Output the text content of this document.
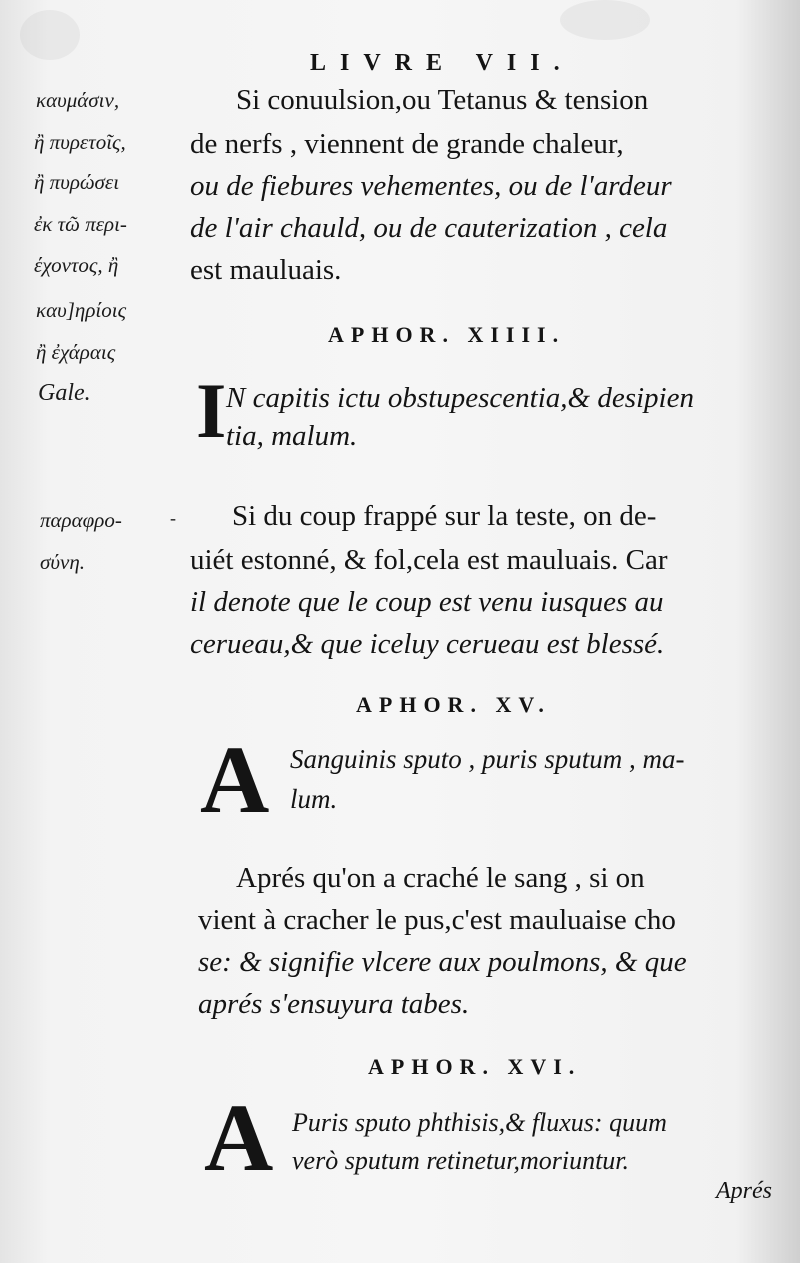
LIVRE VII.
καυμάσιν,
ἢ πυρετοῖς,
ἢ πυρώσει
ἐκ τῶ περι-
έχοντος, ἢ
καυ]ηρίοις
ἢ ἐχάραις
Gale.
παραφρο-
σύνη.
Si conuulsion,ou Tetanus & tension
de nerfs , viennent de grande chaleur,
ou de fiebures vehementes, ou de l'ardeur
de l'air chauld, ou de cauterization , cela
est mauluais.
APHOR. XIIII.
I N capitis ictu obstupescentia,& desipien
tia, malum.
- Si du coup frappé sur la teste, on de-
uiét estonné, & fol,cela est mauluais. Car
il denote que le coup est venu iusques au
cerueau,& que iceluy cerueau est blessé.
APHOR. XV.
A Sanguinis sputo , puris sputum , ma-
lum.
Aprés qu'on a craché le sang , si on
vient à cracher le pus,c'est mauluaise cho
se: & signifie vlcere aux poulmons, & que
aprés s'ensuyura tabes.
APHOR. XVI.
A Puris sputo phthisis,& fluxus: quum
verò sputum retinetur,moriuntur.
Aprés
